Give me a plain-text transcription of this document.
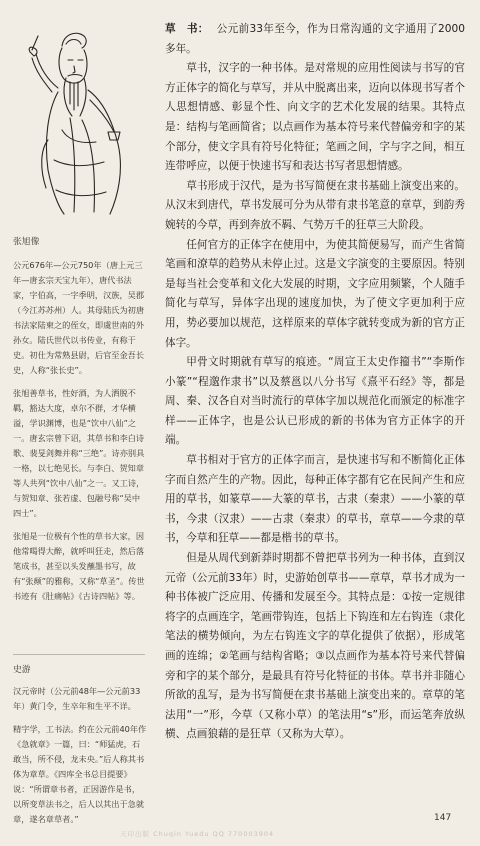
张旭像

公元676年—公元750年（唐上元三年—唐玄宗天宝九年），唐代书法家，字伯高，一字季明，汉族，吴郡（今江苏苏州）人。其母陆氏为初唐书法家陆柬之的侄女，即虞世南的外孙女。陆氏世代以书传业，有称于史。初仕为常熟县尉，后官至金吾长史，人称“张长史”。

张旭善草书，性好酒，为人洒脱不羁，豁达大度，卓尔不群，才华横溢，学识渊博，也是“饮中八仙”之一。唐玄宗曾下诏，其草书和李白诗歌、裴旻剑舞并称“三绝”。诗亦别具一格，以七绝见长。与李白、贺知章等人共列“饮中八仙”之一。又工诗，与贺知章、张若虚、包融号称“吴中四士”。

张旭是一位极有个性的草书大家，因他常喝得大醉，就呼叫狂走，然后落笔成书，甚至以头发蘸墨书写，故有“张颠”的雅称，又称“草圣”。传世书迹有《肚痛帖》《古诗四帖》等。

史游

汉元帝时（公元前48年—公元前33年）黄门令，生卒年和生平不详。

精字学，工书法。约在公元前40年作《急就章》一篇，曰：“师猛虎，石敢当，所不侵，龙未央。”后人称其书体为章草。《四库全书总目提要》说：“所谓章书者，正因游作是书，以所变草法书之，后人以其出于急就章，遂名章草者。”

草　书： 公元前33年至今，作为日常沟通的文字通用了2000多年。

草书，汉字的一种书体。是对常规的应用性阅读与书写的官方正体字的简化与草写，并从中脱离出来，迈向以体现书写者个人思想情感、彰显个性、向文字的艺术化发展的结果。其特点是：结构与笔画简省；以点画作为基本符号来代替偏旁和字的某个部分，使文字具有符号化特征；笔画之间，字与字之间，相互连带呼应，以便于快速书写和表达书写者思想情感。

草书形成于汉代，是为书写简便在隶书基础上演变出来的。从汉末到唐代，草书发展可分为从带有隶书笔意的章草，到韵秀婉转的今草，再到奔放不羁、气势万千的狂草三大阶段。

任何官方的正体字在使用中，为使其简便易写，而产生省简笔画和潦草的趋势从未停止过。这是文字演变的主要原因。特别是每当社会变革和文化大发展的时期，文字应用频繁，个人随手简化与草写，异体字出现的速度加快，为了使文字更加利于应用，势必要加以规范，这样原来的草体字就转变成为新的官方正体字。

甲骨文时期就有草写的痕迹。“周宣王太史作籀书”“李斯作小篆”“程邈作隶书”以及蔡邕以八分书写《熹平石经》等，都是周、秦、汉各自对当时流行的草体字加以规范化而颁定的标准字样——正体字，也是公认已形成的新的书体为官方正体字的开端。

草书相对于官方的正体字而言，是快速书写和不断简化正体字而自然产生的产物。因此，每种正体字都有它在民间产生和应用的草书，如篆草——大篆的草书，古隶（秦隶）——小篆的草书，今隶（汉隶）——古隶（秦隶）的草书，章草——今隶的草书，今草和狂草——都是楷书的草书。

但是从周代到新莽时期都不曾把草书列为一种书体，直到汉元帝（公元前33年）时，史游始创草书——章草，草书才成为一种书体被广泛应用、传播和发展至今。其特点是：①按一定规律将字的点画连字，笔画带钩连，包括上下钩连和左右钩连（隶化笔法的横势倾向，为左右钩连文字的草化提供了依据），形成笔画的连绵；②笔画与结构省略；③以点画作为基本符号来代替偏旁和字的某个部分，是最具有符号化特征的书体。草书并非随心所欲的乱写，是为书写简便在隶书基础上演变出来的。章草的笔法用“一”形，今草（又称小草）的笔法用“s”形，而运笔奔放纵横、点画狼藉的是狂草（又称为大草）。

147
天印出版 Chuqin Yuedu QQ 770003904
